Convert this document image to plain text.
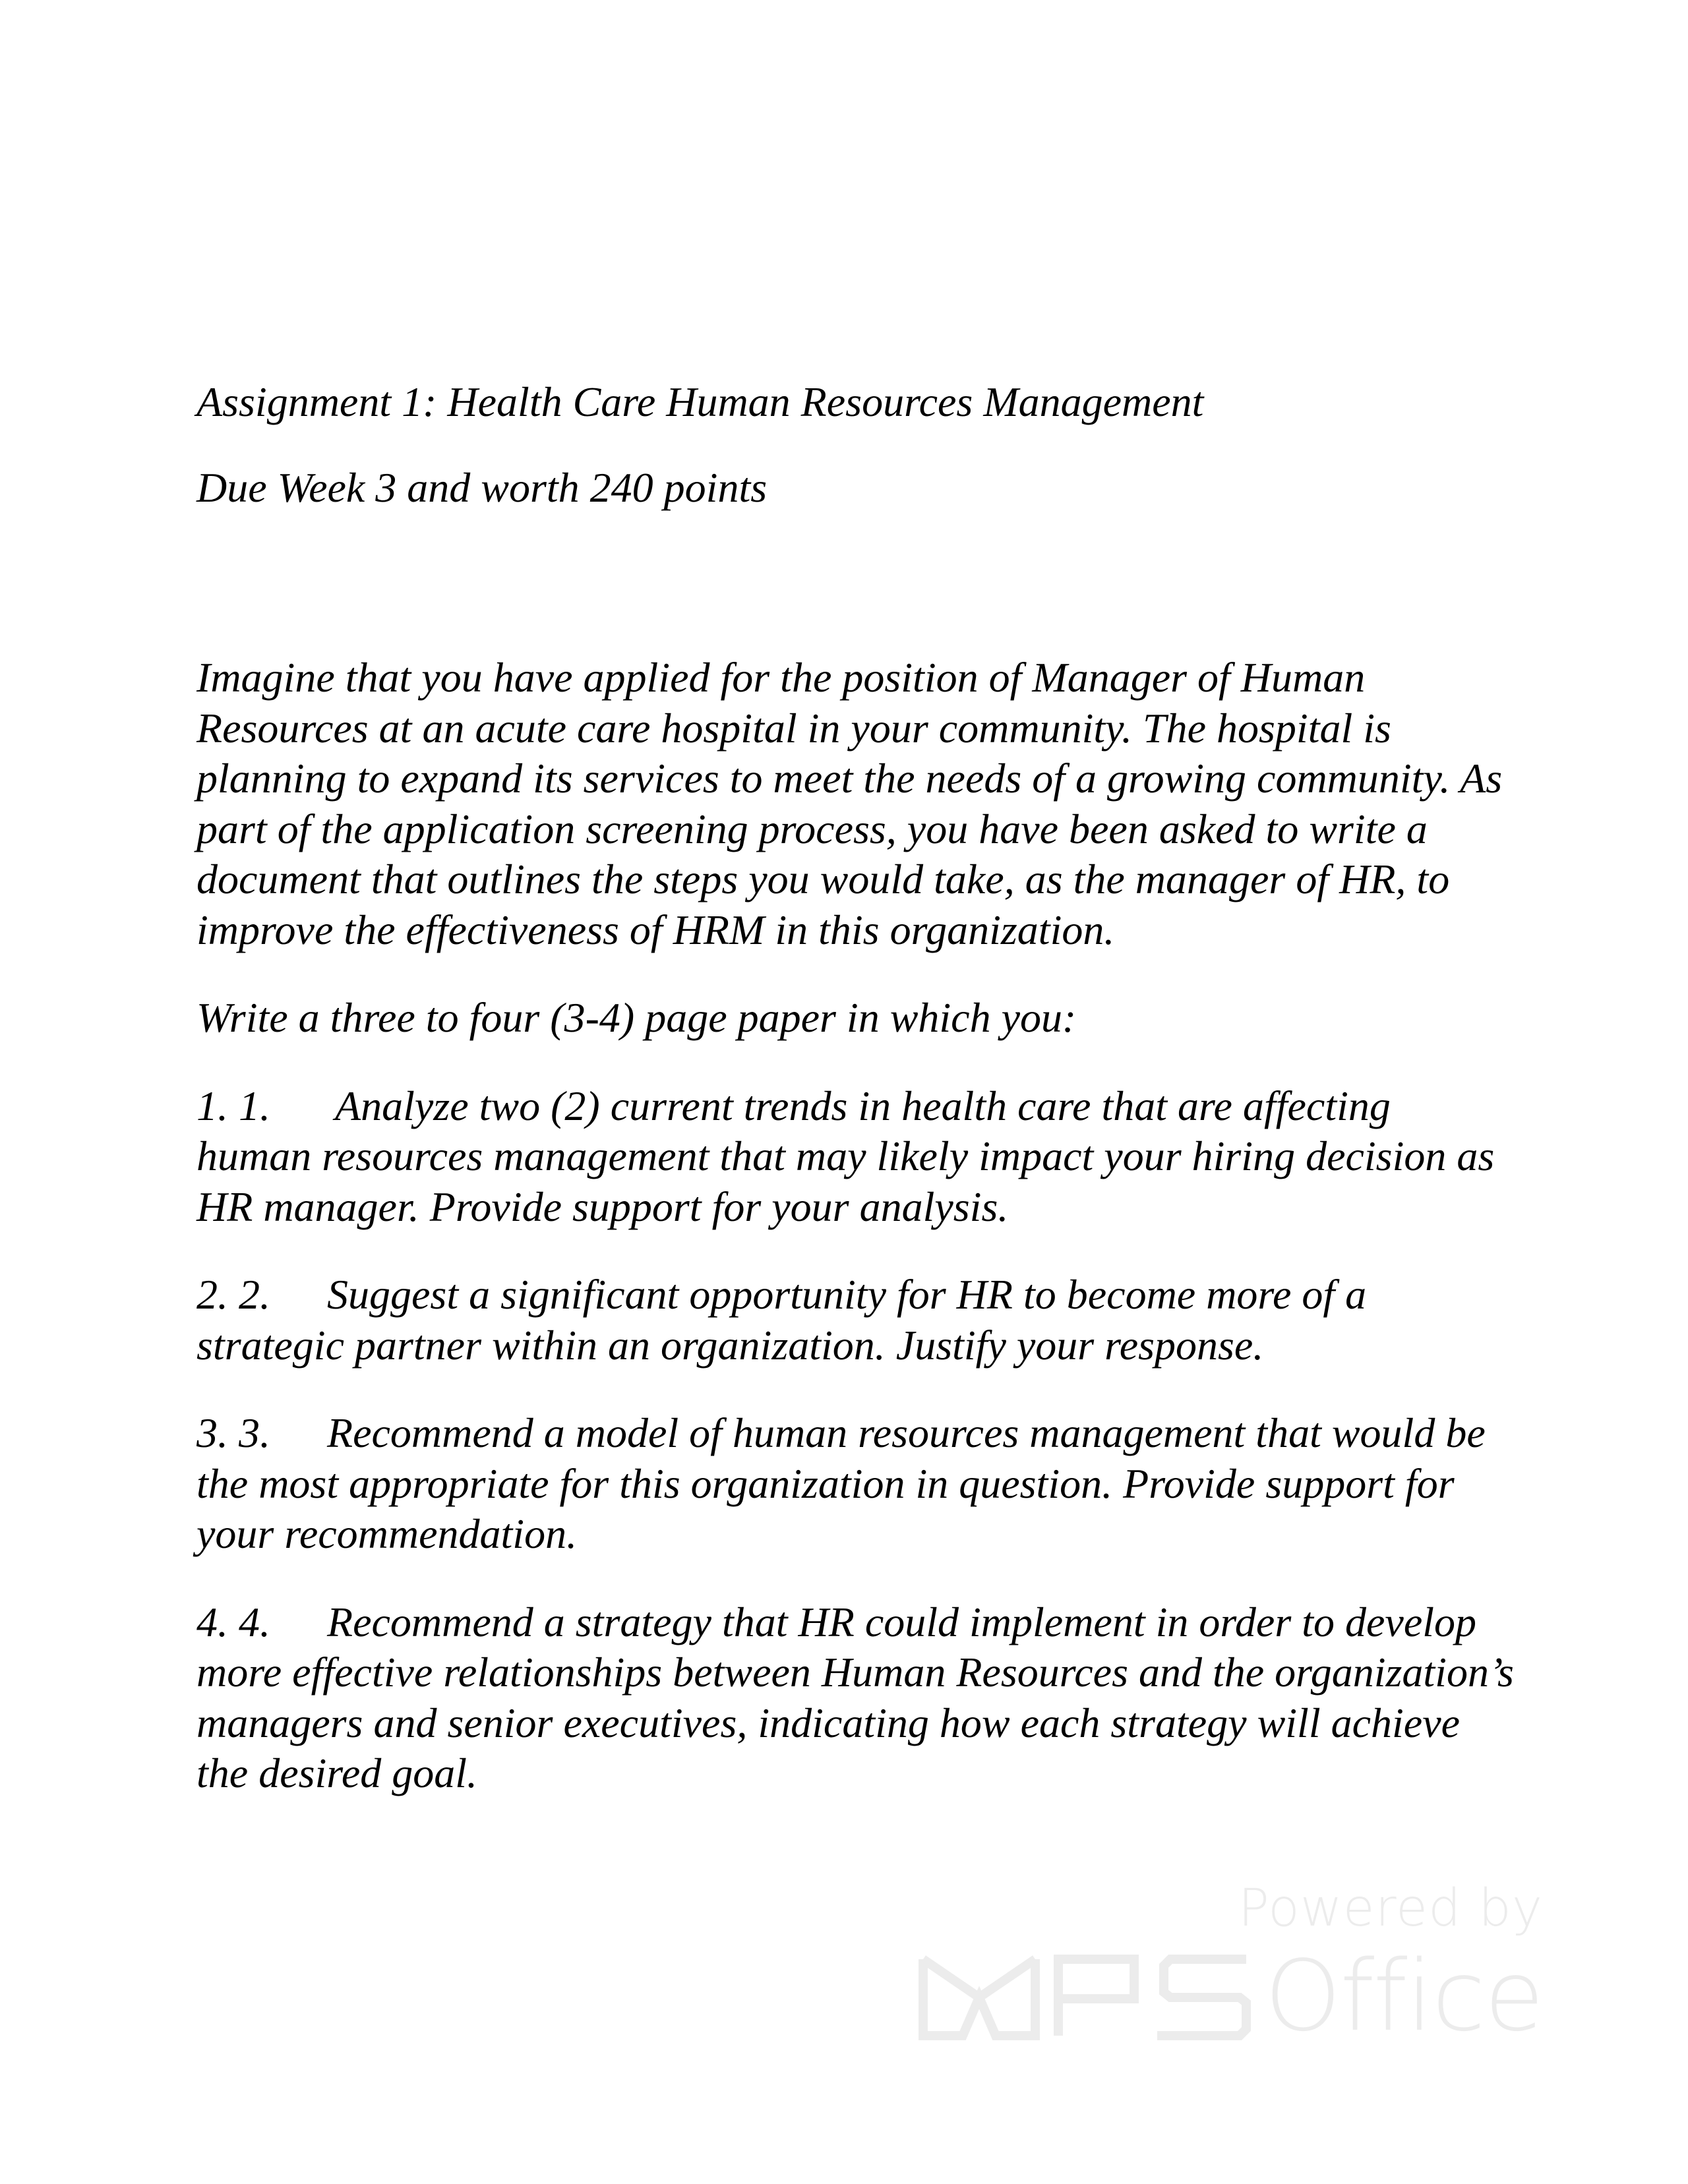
Assignment 1: Health Care Human Resources Management

Due Week 3 and worth 240 points

Imagine that you have applied for the position of Manager of Human Resources at an acute care hospital in your community. The hospital is planning to expand its services to meet the needs of a growing community. As part of the application screening process, you have been asked to write a document that outlines the steps you would take, as the manager of HR, to improve the effectiveness of HRM in this organization.

Write a three to four (3-4) page paper in which you:

1. 1. Analyze two (2) current trends in health care that are affecting human resources management that may likely impact your hiring decision as HR manager. Provide support for your analysis.

2. 2. Suggest a significant opportunity for HR to become more of a strategic partner within an organization. Justify your response.

3. 3. Recommend a model of human resources management that would be the most appropriate for this organization in question. Provide support for your recommendation.

4. 4. Recommend a strategy that HR could implement in order to develop more effective relationships between Human Resources and the organization’s managers and senior executives, indicating how each strategy will achieve the desired goal.

Powered by
Office
